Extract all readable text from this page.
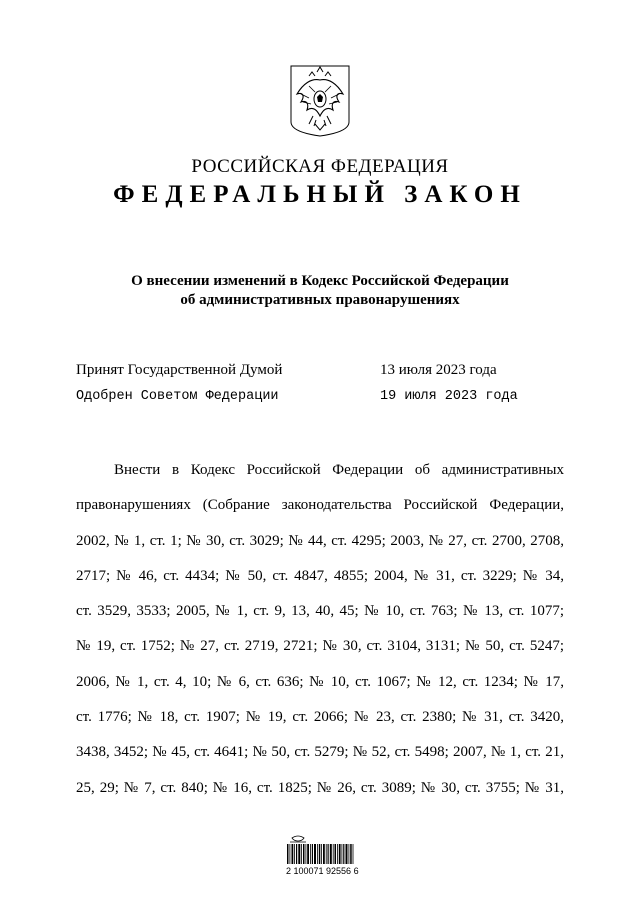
РОССИЙСКАЯ ФЕДЕРАЦИЯ
ФЕДЕРАЛЬНЫЙ ЗАКОН
О внесении изменений в Кодекс Российской Федерации
об административных правонарушениях
Принят Государственной Думой	13 июля 2023 года
Одобрен Советом Федерации	19 июля 2023 года
Внести в Кодекс Российской Федерации об административных
правонарушениях (Собрание законодательства Российской Федерации,
2002, № 1, ст. 1; № 30, ст. 3029; № 44, ст. 4295; 2003, № 27, ст. 2700, 2708,
2717; № 46, ст. 4434; № 50, ст. 4847, 4855; 2004, № 31, ст. 3229; № 34,
ст. 3529, 3533; 2005, № 1, ст. 9, 13, 40, 45; № 10, ст. 763; № 13, ст. 1077;
№ 19, ст. 1752; № 27, ст. 2719, 2721; № 30, ст. 3104, 3131; № 50, ст. 5247;
2006, № 1, ст. 4, 10; № 6, ст. 636; № 10, ст. 1067; № 12, ст. 1234; № 17,
ст. 1776; № 18, ст. 1907; № 19, ст. 2066; № 23, ст. 2380; № 31, ст. 3420,
3438, 3452; № 45, ст. 4641; № 50, ст. 5279; № 52, ст. 5498; 2007, № 1, ст. 21,
25, 29; № 7, ст. 840; № 16, ст. 1825; № 26, ст. 3089; № 30, ст. 3755; № 31,
2 100071 92556 6
